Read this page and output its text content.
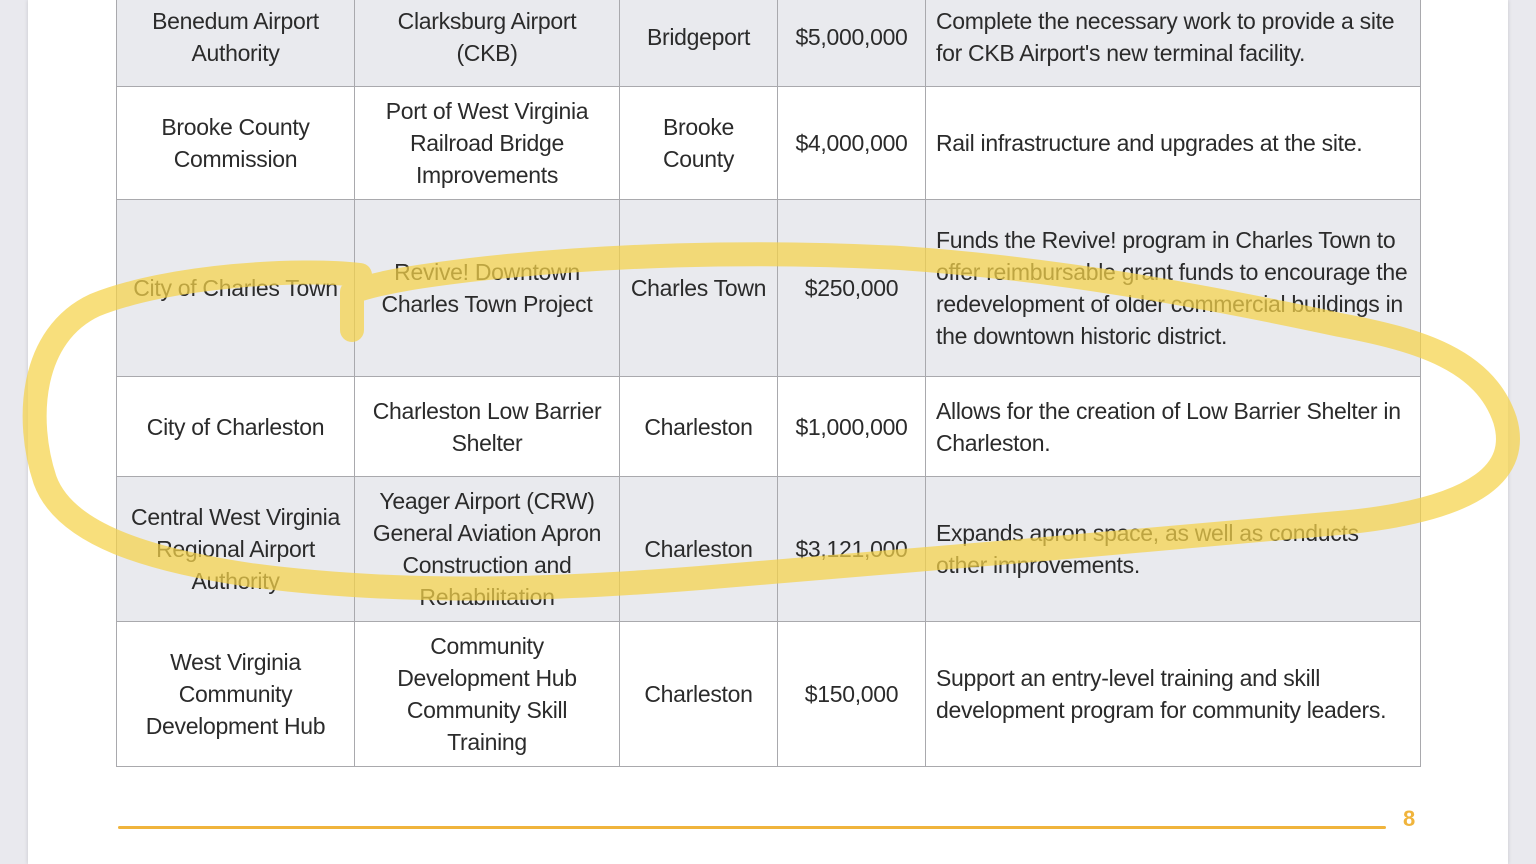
Benedum Airport Authority	Clarksburg Airport (CKB)	Bridgeport	$5,000,000	Complete the necessary work to provide a site for CKB Airport's new terminal facility.
Brooke County Commission	Port of West Virginia Railroad Bridge Improvements	Brooke County	$4,000,000	Rail infrastructure and upgrades at the site.
City of Charles Town	Revive! Downtown Charles Town Project	Charles Town	$250,000	Funds the Revive! program in Charles Town to offer reimbursable grant funds to encourage the redevelopment of older commercial buildings in the downtown historic district.
City of Charleston	Charleston Low Barrier Shelter	Charleston	$1,000,000	Allows for the creation of Low Barrier Shelter in Charleston.
Central West Virginia Regional Airport Authority	Yeager Airport (CRW) General Aviation Apron Construction and Rehabilitation	Charleston	$3,121,000	Expands apron space, as well as conducts other improvements.
West Virginia Community Development Hub	Community Development Hub Community Skill Training	Charleston	$150,000	Support an entry-level training and skill development program for community leaders.
8
